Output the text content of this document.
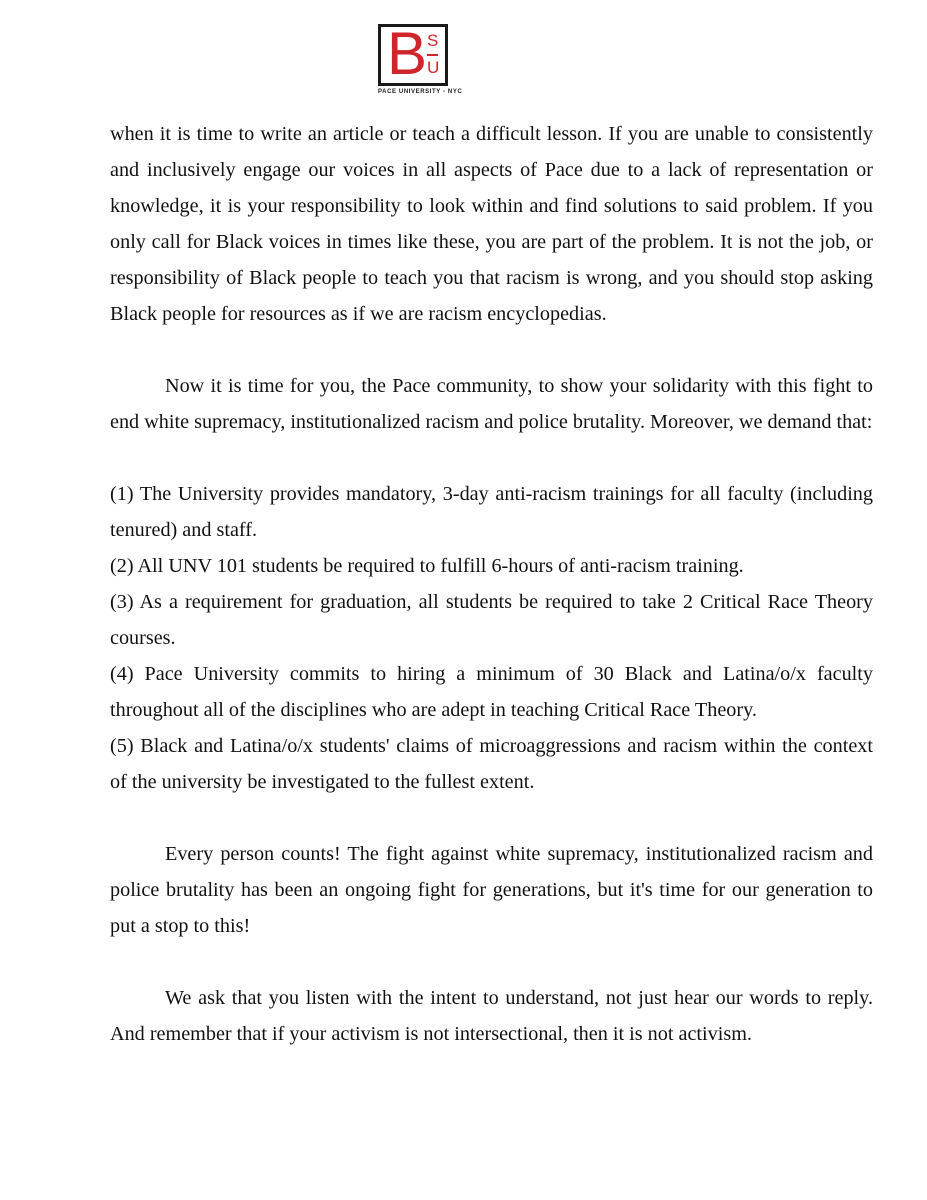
B S
U
PACE UNIVERSITY - NYC

when it is time to write an article or teach a difficult lesson. If you are unable to consistently and inclusively engage our voices in all aspects of Pace due to a lack of representation or knowledge, it is your responsibility to look within and find solutions to said problem. If you only call for Black voices in times like these, you are part of the problem. It is not the job, or responsibility of Black people to teach you that racism is wrong, and you should stop asking Black people for resources as if we are racism encyclopedias.

Now it is time for you, the Pace community, to show your solidarity with this fight to end white supremacy, institutionalized racism and police brutality. Moreover, we demand that:

(1) The University provides mandatory, 3-day anti-racism trainings for all faculty (including tenured) and staff.

(2) All UNV 101 students be required to fulfill 6-hours of anti-racism training.

(3) As a requirement for graduation, all students be required to take 2 Critical Race Theory courses.

(4) Pace University commits to hiring a minimum of 30 Black and Latina/o/x faculty throughout all of the disciplines who are adept in teaching Critical Race Theory.

(5) Black and Latina/o/x students' claims of microaggressions and racism within the context of the university be investigated to the fullest extent.

Every person counts! The fight against white supremacy, institutionalized racism and police brutality has been an ongoing fight for generations, but it's time for our generation to put a stop to this!

We ask that you listen with the intent to understand, not just hear our words to reply. And remember that if your activism is not intersectional, then it is not activism.
